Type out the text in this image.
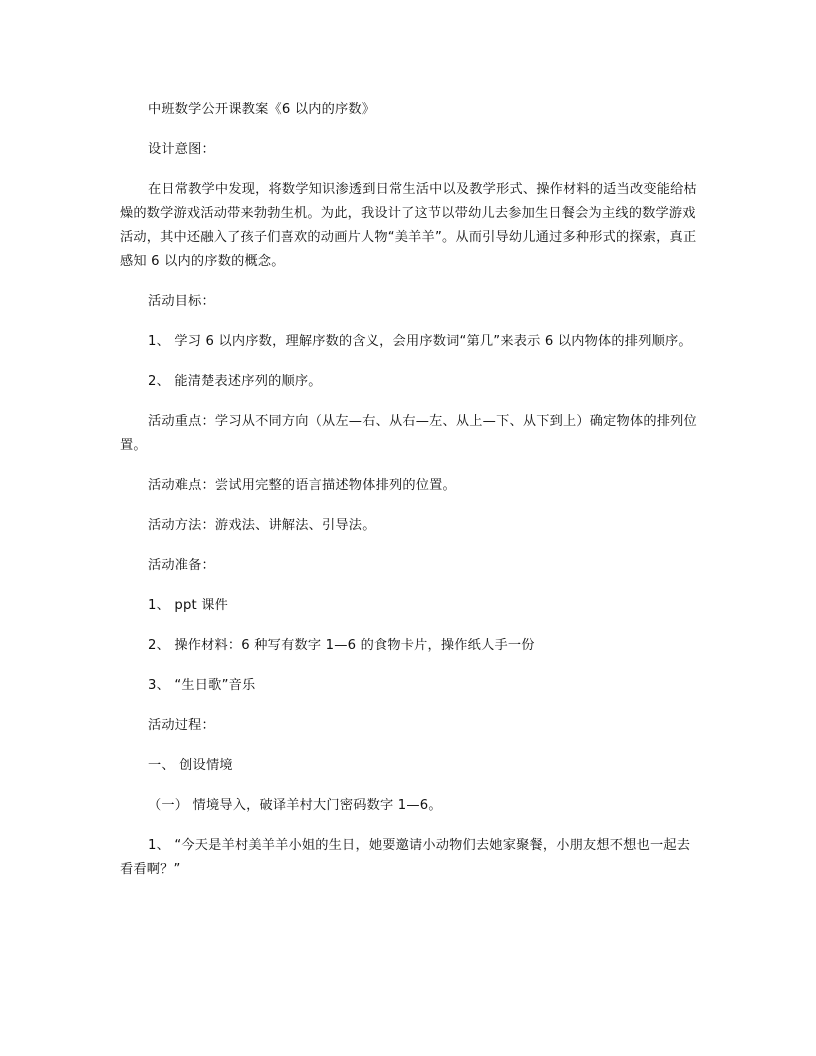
中班数学公开课教案《6 以内的序数》

设计意图：

在日常教学中发现，将数学知识渗透到日常生活中以及教学形式、操作材料的适当改变能给枯燥的数学游戏活动带来勃勃生机。为此，我设计了这节以带幼儿去参加生日餐会为主线的数学游戏活动，其中还融入了孩子们喜欢的动画片人物“美羊羊”。从而引导幼儿通过多种形式的探索，真正感知 6 以内的序数的概念。

活动目标：

1、 学习 6 以内序数，理解序数的含义，会用序数词“第几”来表示 6 以内物体的排列顺序。

2、 能清楚表述序列的顺序。

活动重点：学习从不同方向（从左—右、从右—左、从上—下、从下到上）确定物体的排列位置。

活动难点：尝试用完整的语言描述物体排列的位置。

活动方法：游戏法、讲解法、引导法。

活动准备：

1、 ppt 课件

2、 操作材料：6 种写有数字 1—6 的食物卡片，操作纸人手一份

3、 “生日歌”音乐

活动过程：

一、 创设情境

（一） 情境导入，破译羊村大门密码数字 1—6。

1、 “今天是羊村美羊羊小姐的生日，她要邀请小动物们去她家聚餐，小朋友想不想也一起去看看啊？”
